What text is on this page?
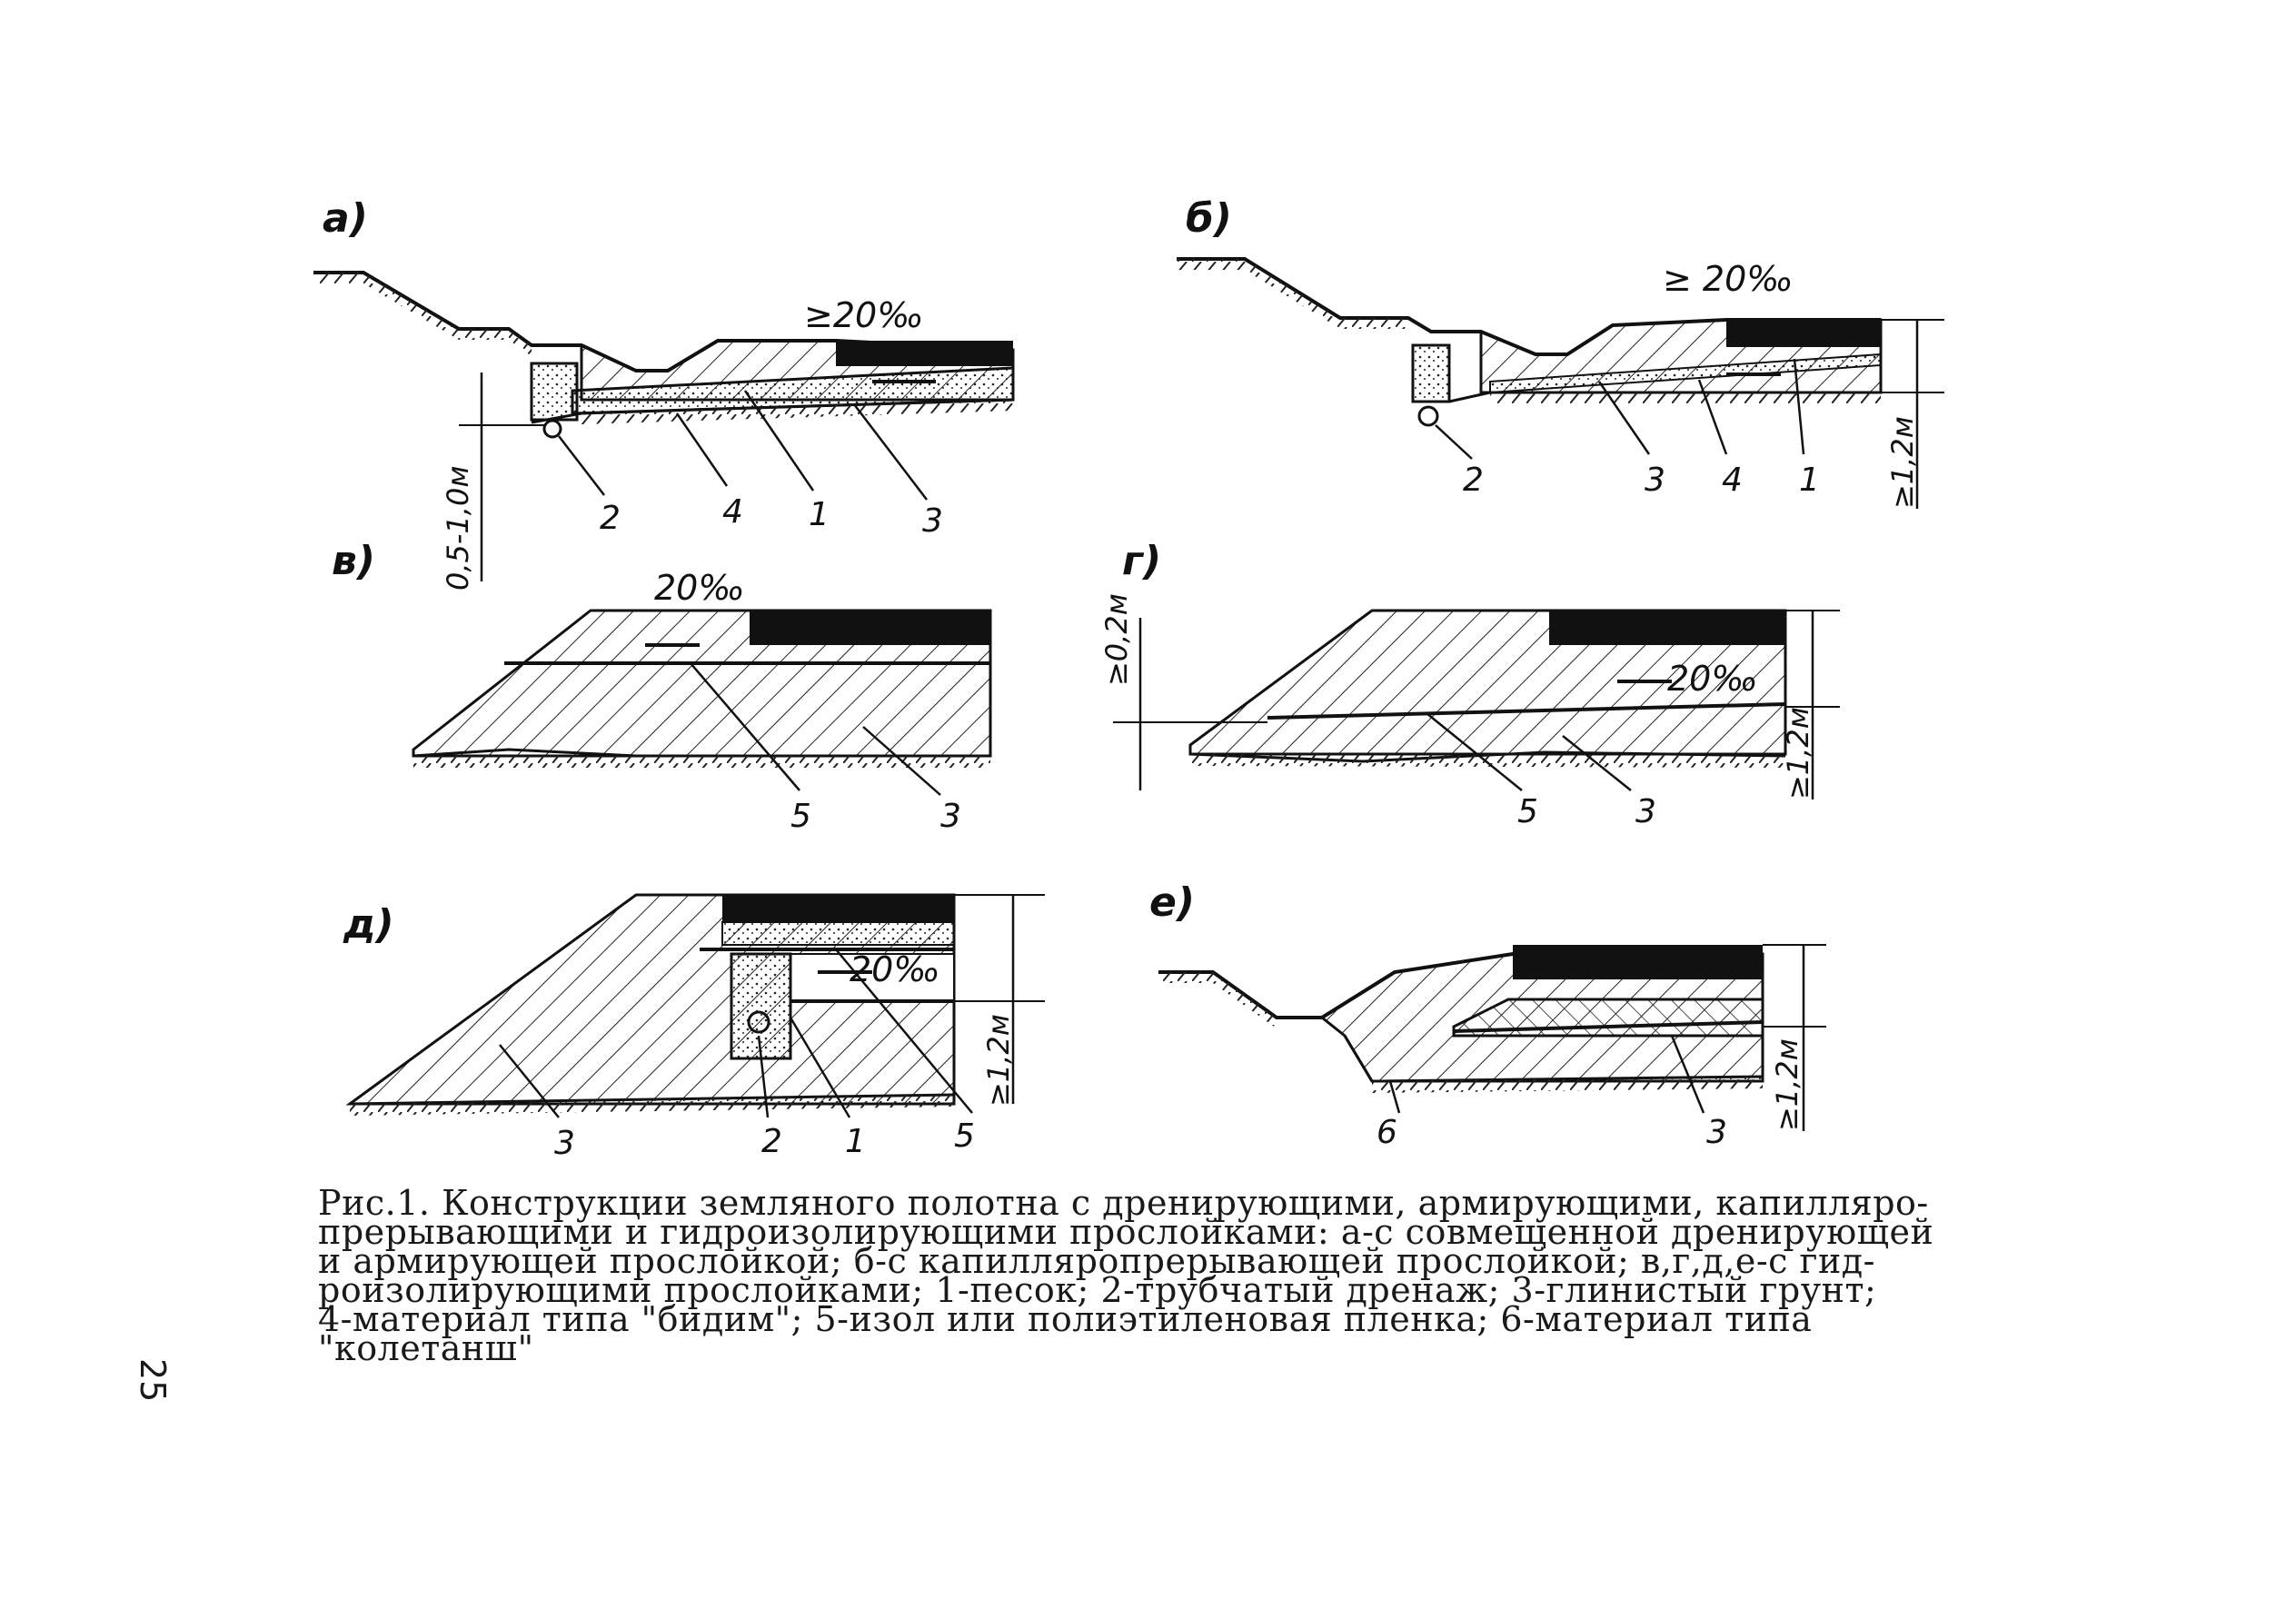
а)
≥20‰
0,5-1,0м	2	4 1	3
б)
≥ 20‰
≥1,2м
2	3 4 1
в)
20‰
5	3
г)
20‰
≥0,2м
≥1,2м
5	3
д)
20‰
≥1,2м
3	2 1	5
е)
≥1,2м
6	3

Рис.1. Конструкции земляного полотна с дренирующими, армирующими, капилляро-

прерывающими и гидроизолирующими прослойками: а-с совмещенной дренирующей

и армирующей прослойкой; б-с капилляропрерывающей прослойкой; в,г,д,е-с гид-

роизолирующими прослойками; 1-песок; 2-трубчатый дренаж; 3-глинистый грунт;

4-материал типа "бидим"; 5-изол или полиэтиленовая пленка; 6-материал типа

"колетанш"

25
